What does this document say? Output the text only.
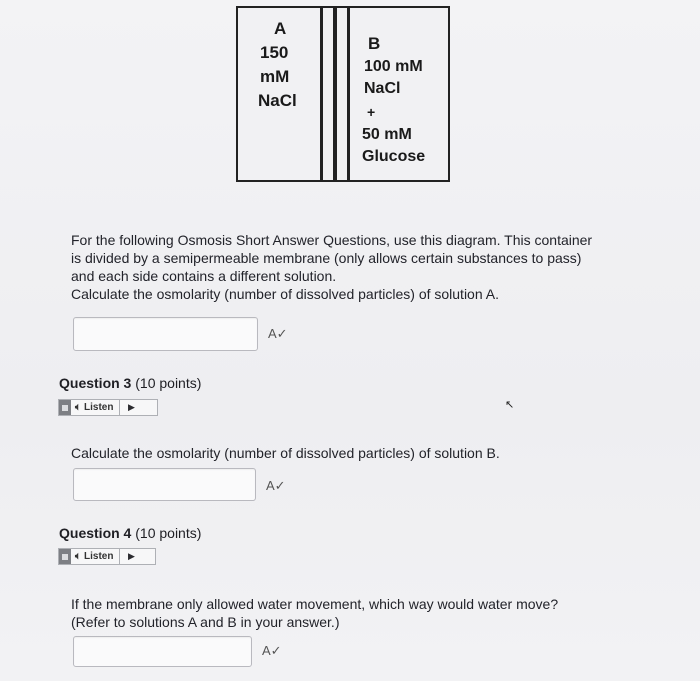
A
150
mM
NaCl
B
100 mM
NaCl
+
50 mM
Glucose
For the following Osmosis Short Answer Questions, use this diagram. This container
is divided by a semipermeable membrane (only allows certain substances to pass)
and each side contains a different solution.
Calculate the osmolarity (number of dissolved particles) of solution A.
A✓
Question 3 (10 points)
🔈︎ Listen	▶	↖
Calculate the osmolarity (number of dissolved particles) of solution B.
A✓
Question 4 (10 points)
🔈︎ Listen	▶
If the membrane only allowed water movement, which way would water move?
(Refer to solutions A and B in your answer.)
A✓
